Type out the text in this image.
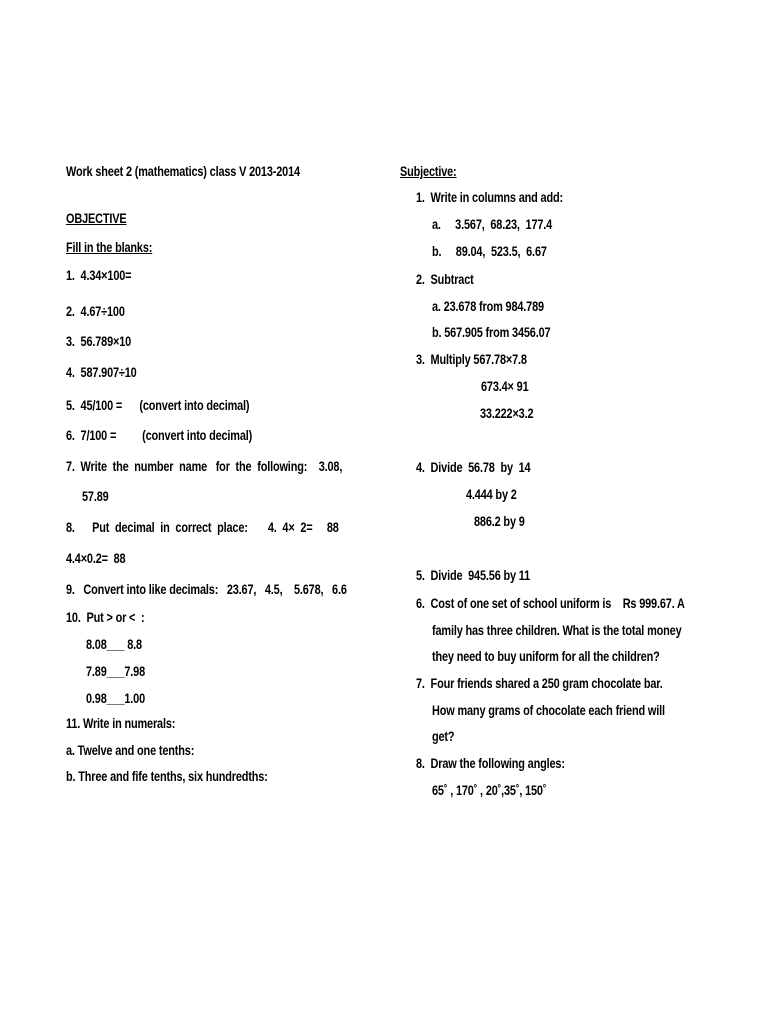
Work sheet 2 (mathematics) class V 2013-2014
OBJECTIVE
Fill in the blanks:
1.  4.34×100=
2.  4.67÷100
3.  56.789×10
4.  587.907÷10
5.  45/100 =      (convert into decimal)
6.  7/100 =         (convert into decimal)
7.  Write  the  number  name   for  the  following:    3.08,
57.89
8.      Put  decimal  in  correct  place:       4.  4×  2=     88
4.4×0.2=  88
9.   Convert into like decimals:   23.67,   4.5,    5.678,   6.6
10.  Put > or <  :
8.08___ 8.8
7.89___7.98
0.98___1.00
11. Write in numerals:
a. Twelve and one tenths:
b. Three and fife tenths, six hundredths:
Subjective:
1.  Write in columns and add:
a.     3.567,  68.23,  177.4
b.     89.04,  523.5,  6.67
2.  Subtract
a. 23.678 from 984.789
b. 567.905 from 3456.07
3.  Multiply 567.78×7.8
673.4× 91
33.222×3.2
4.  Divide  56.78  by  14
4.444 by 2
886.2 by 9
5.  Divide  945.56 by 11
6.  Cost of one set of school uniform is    Rs 999.67. A
family has three children. What is the total money
they need to buy uniform for all the children?
7.  Four friends shared a 250 gram chocolate bar.
How many grams of chocolate each friend will
get?
8.  Draw the following angles:
65˚ , 170˚ , 20˚,35˚, 150˚
